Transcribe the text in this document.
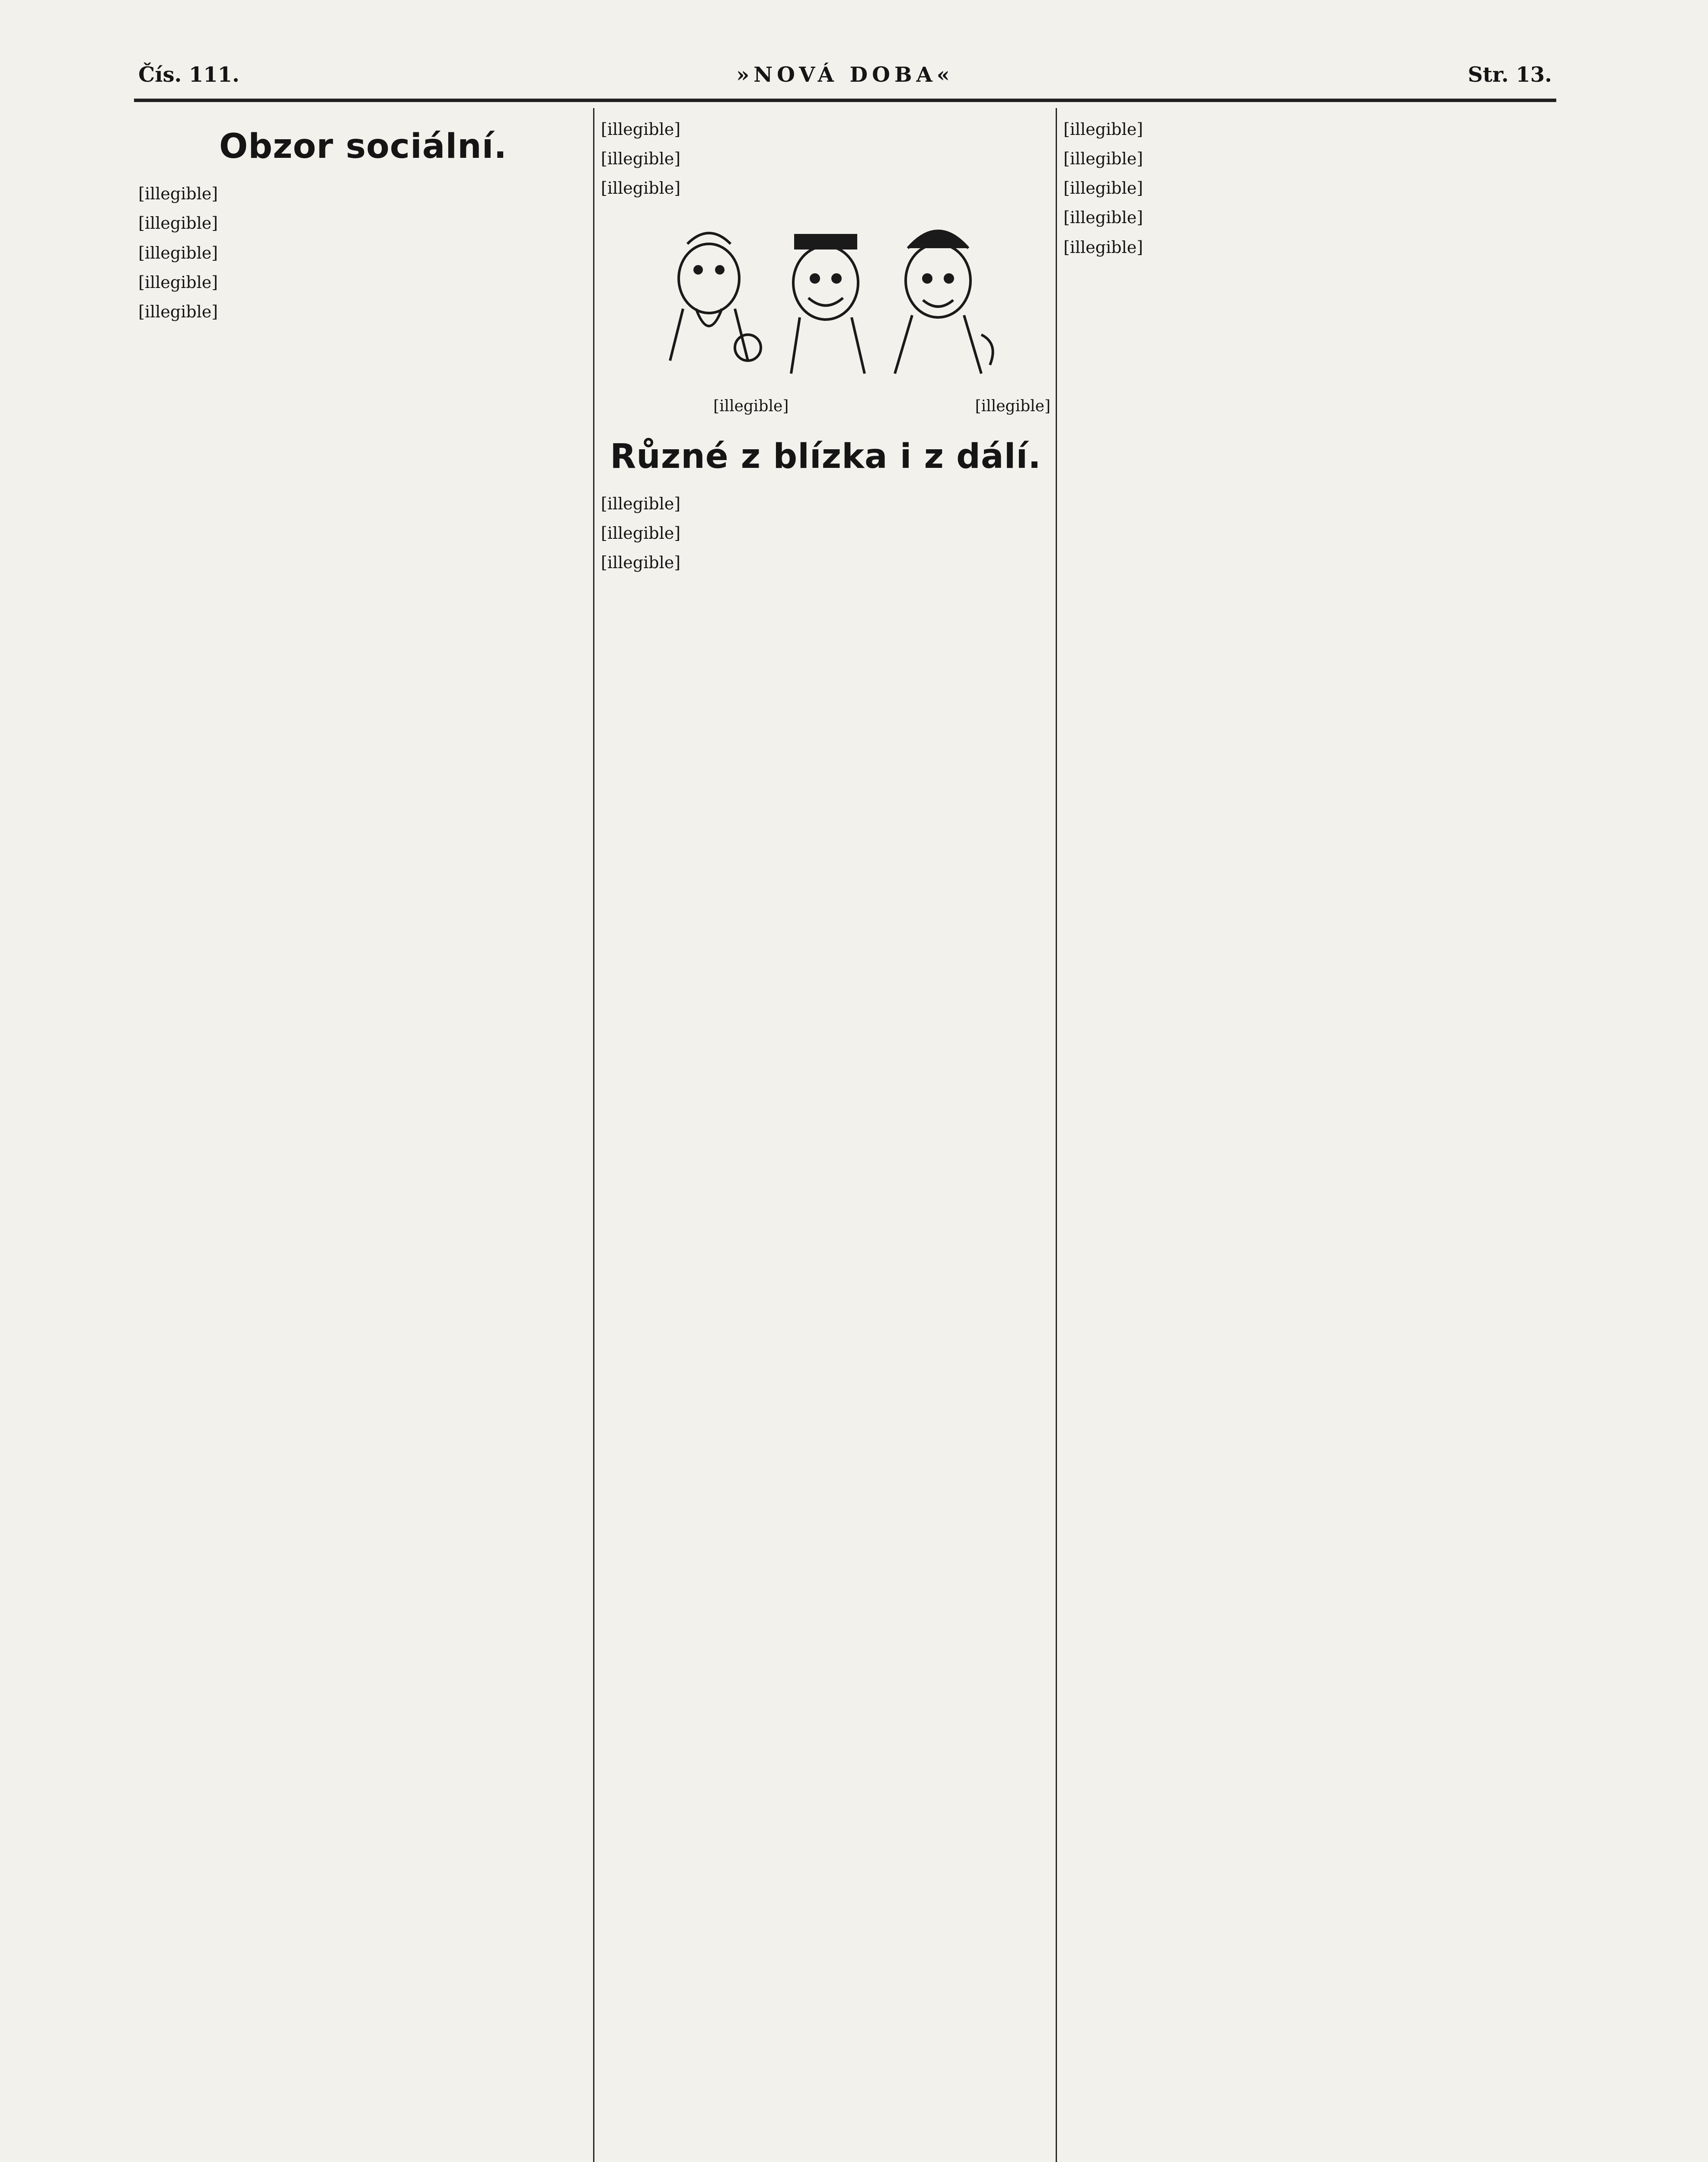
Čís. 111.	»NOVÁ DOBA«	Str. 13.
Obzor sociální.

[illegible]

[illegible]

[illegible]

[illegible]

[illegible]

[illegible]

[illegible]

[illegible]

[illegible]	[illegible]
Různé z blízka i z dálí.

[illegible]

[illegible]

[illegible]

[illegible]

[illegible]

[illegible]

[illegible]

[illegible]
